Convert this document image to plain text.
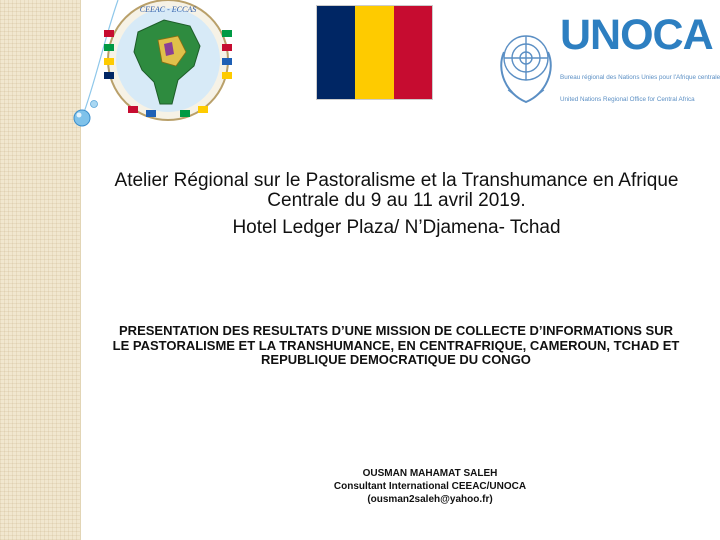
CEEAC - ECCAS
UNOCA
Bureau régional des Nations Unies pour l'Afrique centrale
United Nations Regional Office for Central Africa
Atelier Régional sur le Pastoralisme et la Transhumance en Afrique Centrale du 9 au 11 avril 2019.
Hotel Ledger Plaza/ N’Djamena- Tchad
PRESENTATION DES RESULTATS D’UNE MISSION DE COLLECTE D’INFORMATIONS SUR LE PASTORALISME ET LA TRANSHUMANCE, EN CENTRAFRIQUE, CAMEROUN, TCHAD ET REPUBLIQUE DEMOCRATIQUE DU CONGO
OUSMAN MAHAMAT SALEH
Consultant International CEEAC/UNOCA
(ousman2saleh@yahoo.fr)
